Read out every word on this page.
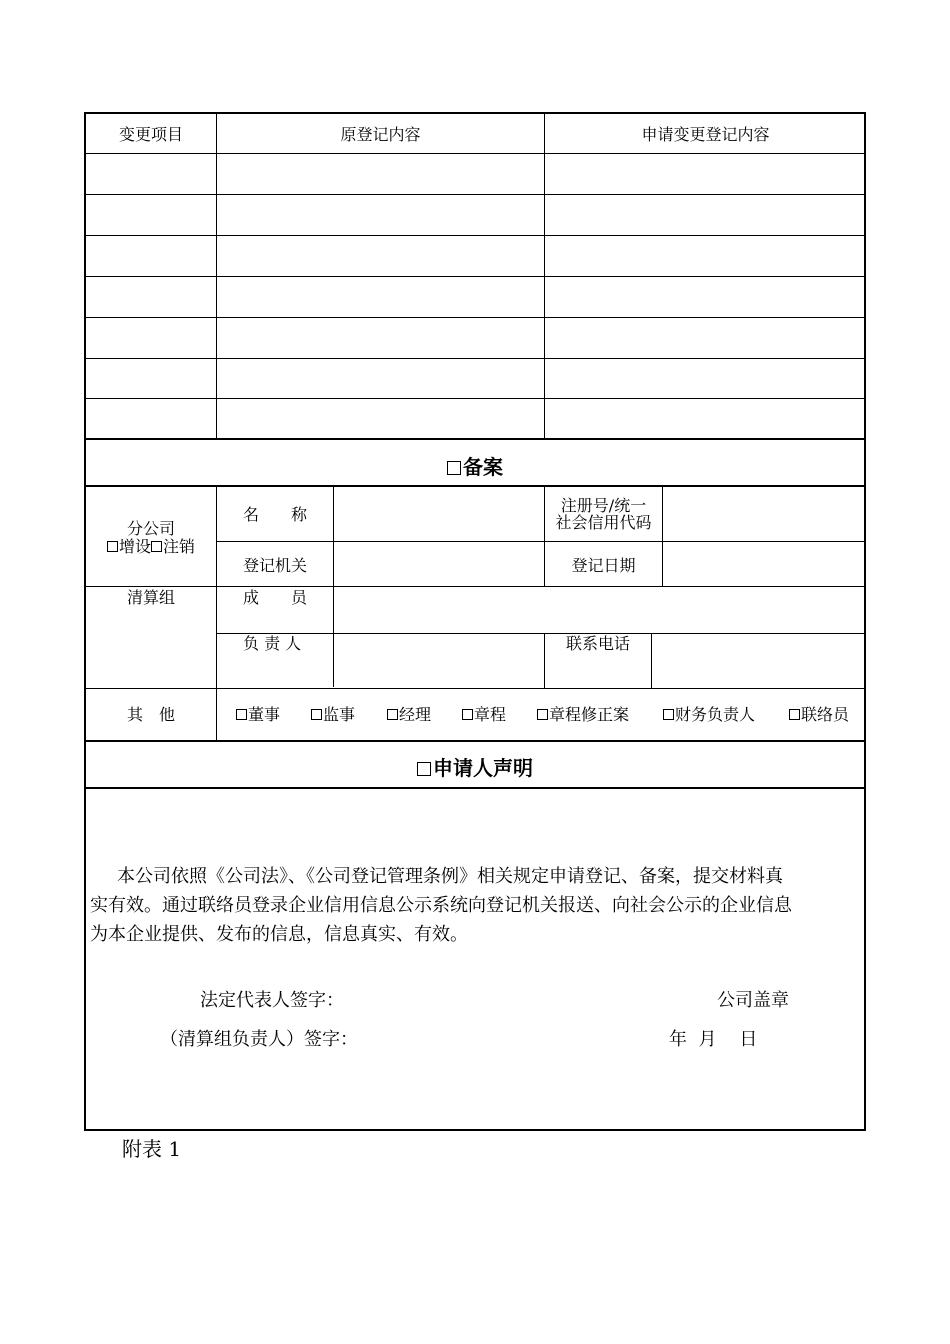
变更项目	原登记内容	申请变更登记内容
备案
分公司
增设 注销
名　　称	注册号/统一
社会信用代码
登记机关	登记日期
清算组	成　　员
负 责 人	联系电话
其　他	董事	监事	经理	章程	章程修正案	财务负责人	联络员
申请人声明
本公司依照《公司法》、《公司登记管理条例》相关规定申请登记、备案，提交材料真
实有效。通过联络员登录企业信用信息公示系统向登记机关报送、向社会公示的企业信息
为本企业提供、发布的信息，信息真实、有效。
法定代表人签字：	公司盖章
（清算组负责人）签字：	年  月    日
附表 1
